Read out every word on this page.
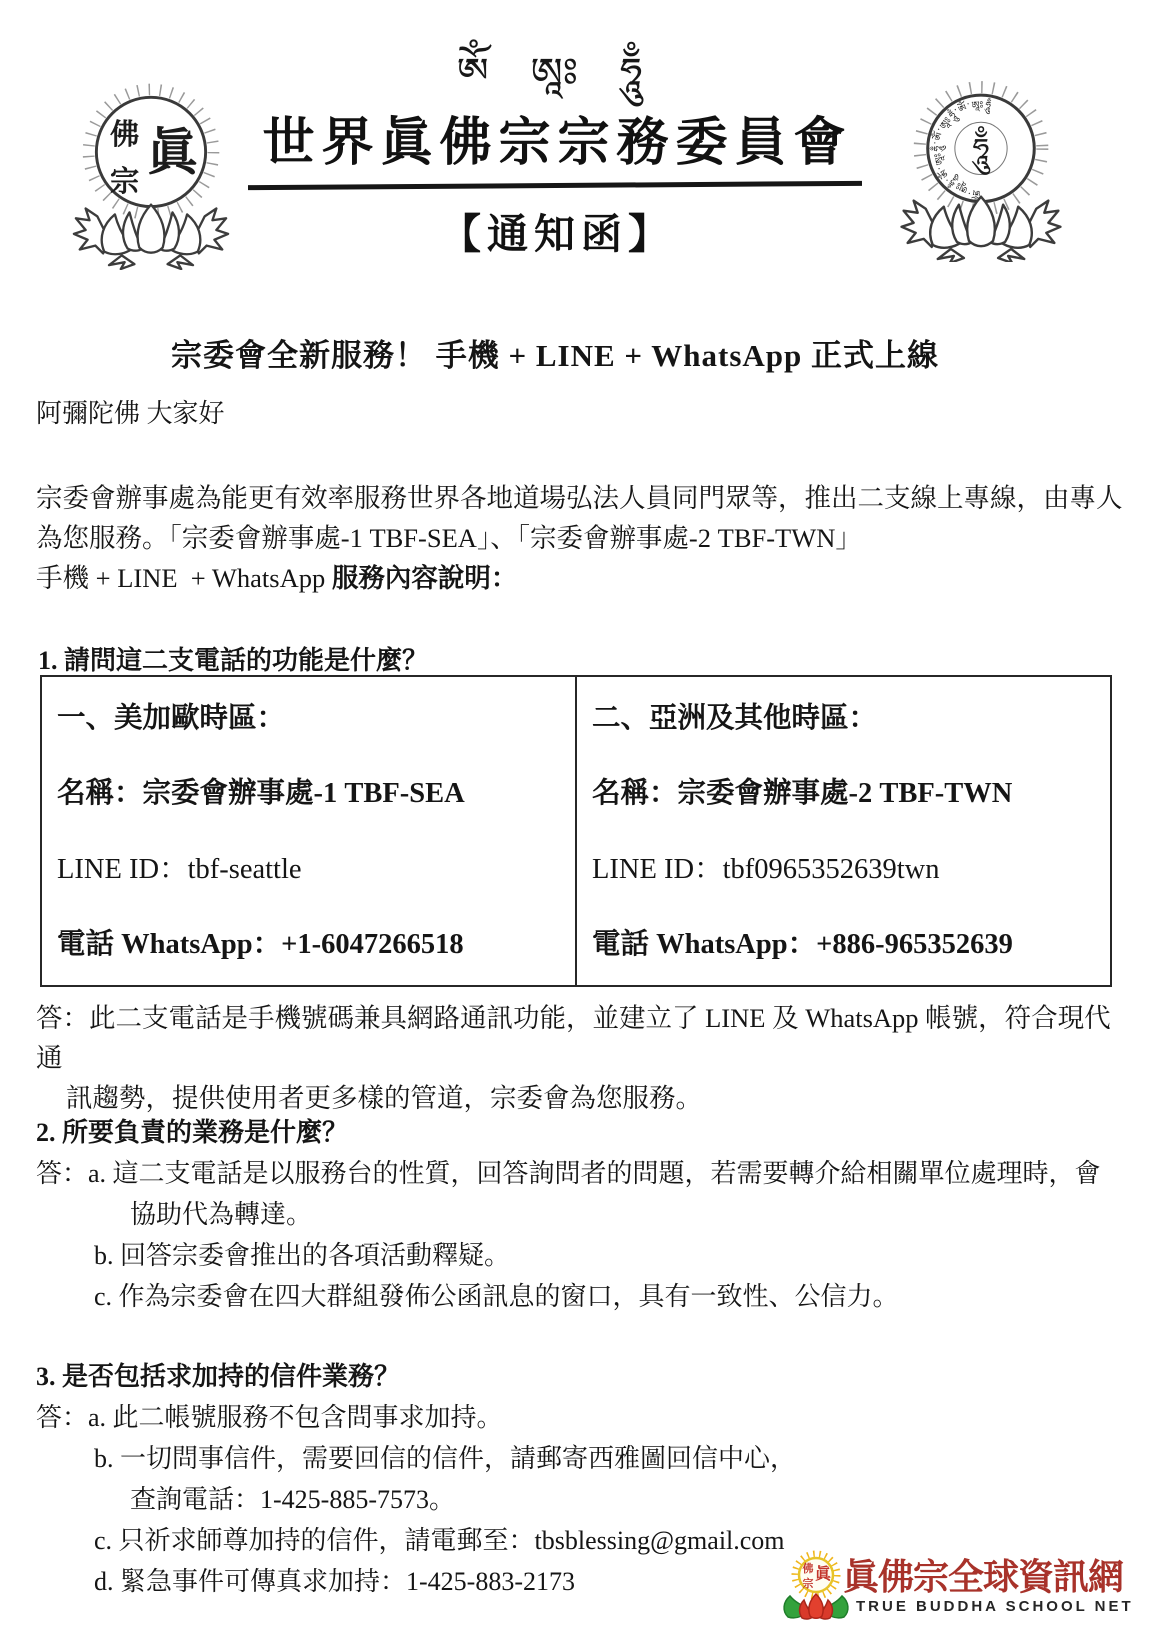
佛 眞
宗
ཨོཾ ཨཱཿ ཧཱུྃ
世界眞佛宗宗務委員會
【通知函】
ཨོཾ་ཨཱཿཧཱུྃ་ཨོཾ་ཨཱཿཧཱུྃ་ཨོཾ་ཨཱཿཧཱུྃ་ཨོཾ་ཨཱཿཧཱུྃ
ཧཱུྃ
宗委會全新服務！ 手機 + LINE + WhatsApp 正式上線
阿彌陀佛 大家好
宗委會辦事處為能更有效率服務世界各地道場弘法人員同門眾等，推出二支線上專線，由專人
為您服務。「宗委會辦事處-1 TBF-SEA」、「宗委會辦事處-2 TBF-TWN」
手機 + LINE  + WhatsApp 服務內容說明：
1. 請問這二支電話的功能是什麼？
一、美加歐時區：
名稱：宗委會辦事處-1 TBF-SEA
LINE ID：tbf-seattle
電話 WhatsApp：+1-6047266518
二、亞洲及其他時區：
名稱：宗委會辦事處-2 TBF-TWN
LINE ID：tbf0965352639twn
電話 WhatsApp：+886-965352639
答：此二支電話是手機號碼兼具網路通訊功能，並建立了 LINE 及 WhatsApp 帳號，符合現代通
訊趨勢，提供使用者更多樣的管道，宗委會為您服務。
2. 所要負責的業務是什麼？
答：a. 這二支電話是以服務台的性質，回答詢問者的問題，若需要轉介給相關單位處理時，會
協助代為轉達。
b. 回答宗委會推出的各項活動釋疑。
c. 作為宗委會在四大群組發佈公函訊息的窗口，具有一致性、公信力。
3. 是否包括求加持的信件業務？
答：a. 此二帳號服務不包含問事求加持。
b. 一切問事信件，需要回信的信件，請郵寄西雅圖回信中心，
查詢電話：1-425-885-7573。
c. 只祈求師尊加持的信件，請電郵至：tbsblessing@gmail.com
d. 緊急事件可傳真求加持：1-425-883-2173	佛 眞
宗 眞佛宗全球資訊網
TRUE BUDDHA SCHOOL NET
